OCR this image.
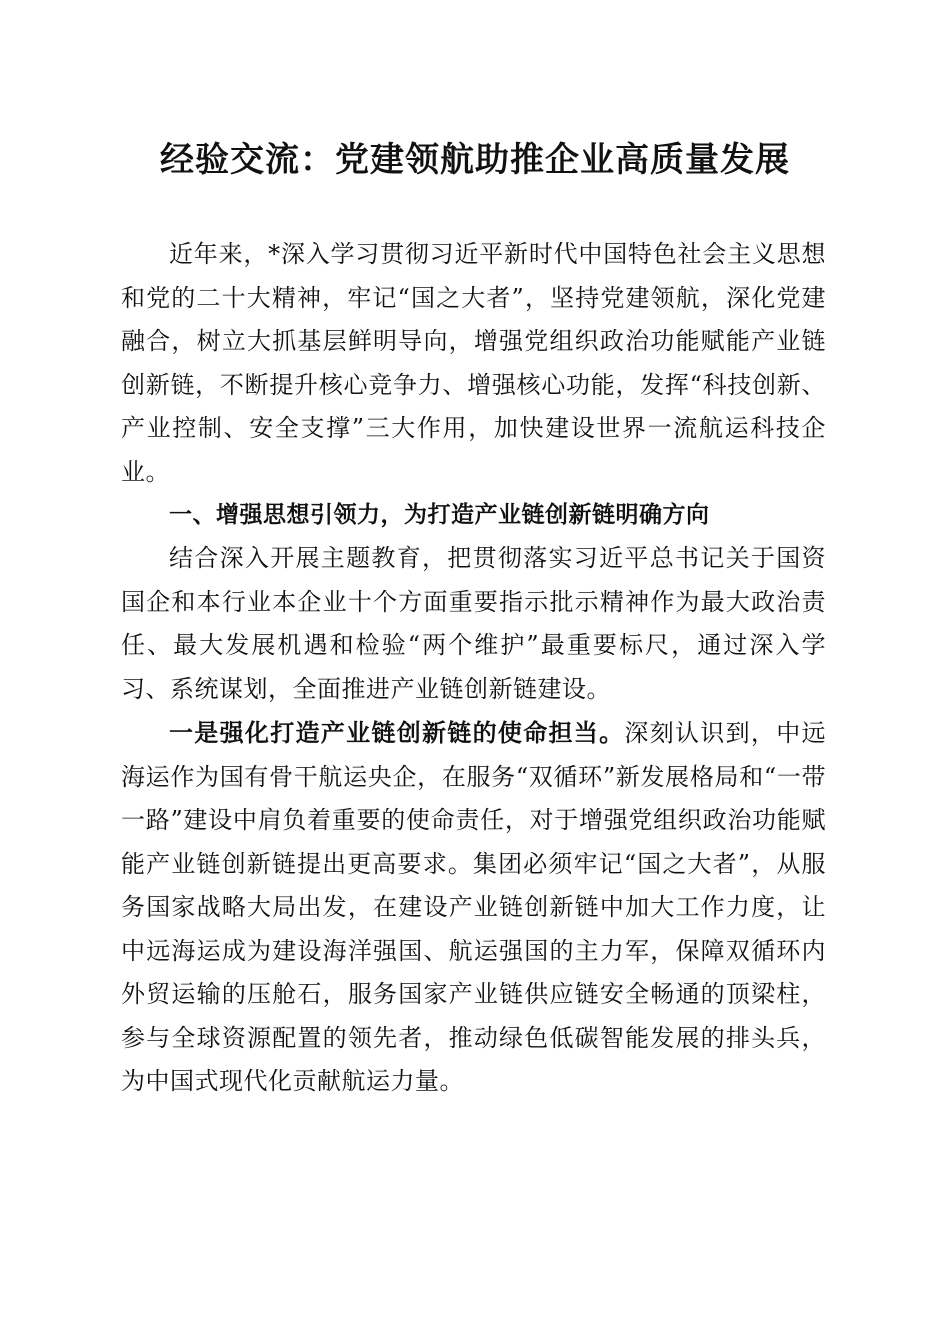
经验交流：党建领航助推企业高质量发展

近年来，*深入学习贯彻习近平新时代中国特色社会主义思想和党的二十大精神，牢记“国之大者”，坚持党建领航，深化党建融合，树立大抓基层鲜明导向，增强党组织政治功能赋能产业链创新链，不断提升核心竞争力、增强核心功能，发挥“科技创新、产业控制、安全支撑”三大作用，加快建设世界一流航运科技企业。

一、增强思想引领力，为打造产业链创新链明确方向

结合深入开展主题教育，把贯彻落实习近平总书记关于国资国企和本行业本企业十个方面重要指示批示精神作为最大政治责任、最大发展机遇和检验“两个维护”最重要标尺，通过深入学习、系统谋划，全面推进产业链创新链建设。

一是强化打造产业链创新链的使命担当。深刻认识到，中远海运作为国有骨干航运央企，在服务“双循环”新发展格局和“一带一路”建设中肩负着重要的使命责任，对于增强党组织政治功能赋能产业链创新链提出更高要求。集团必须牢记“国之大者”，从服务国家战略大局出发，在建设产业链创新链中加大工作力度，让中远海运成为建设海洋强国、航运强国的主力军，保障双循环内外贸运输的压舱石，服务国家产业链供应链安全畅通的顶梁柱，参与全球资源配置的领先者，推动绿色低碳智能发展的排头兵，为中国式现代化贡献航运力量。
